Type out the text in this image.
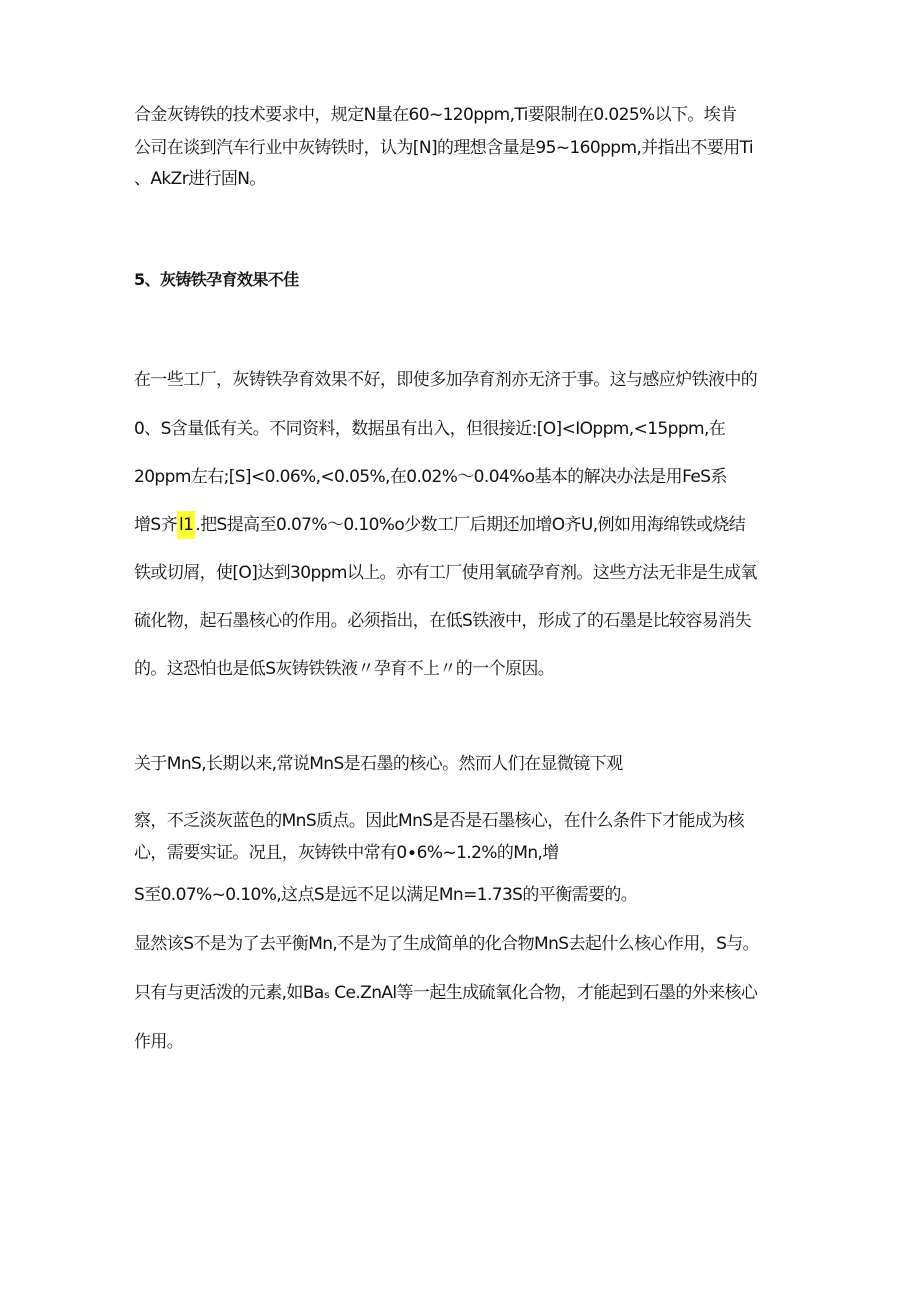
合金灰铸铁的技术要求中，规定N量在60~120ppm,Ti要限制在0.025%以下。埃肯
公司在谈到汽车行业中灰铸铁时，认为[N]的理想含量是95~160ppm,并指出不要用Ti
、AkZr进行固N。
5、灰铸铁孕育效果不佳
在一些工厂，灰铸铁孕育效果不好，即使多加孕育剂亦无济于事。这与感应炉铁液中的
0、S含量低有关。不同资料，数据虽有出入，但很接近:[O]<IOppm,<15ppm,在
20ppm左右;[S]<0.06%,<0.05%,在0.02%～0.04%o基本的解决办法是用FeS系
增S齐 l1 .把S提高至0.07%～0.10%o少数工厂后期还加增O齐U,例如用海绵铁或烧结
铁或切屑，使[O]达到30ppm以上。亦有工厂使用氧硫孕育剂。这些方法无非是生成氧
硫化物，起石墨核心的作用。必须指出，在低S铁液中，形成了的石墨是比较容易消失
的。这恐怕也是低S灰铸铁铁液〃孕育不上〃的一个原因。
关于MnS,长期以来,常说MnS是石墨的核心。然而人们在显微镜下观
察，不乏淡灰蓝色的MnS质点。因此MnS是否是石墨核心，在什么条件下才能成为核
心，需要实证。况且，灰铸铁中常有0∙6%~1.2%的Mn,增
S至0.07%~0.10%,这点S是远不足以满足Mn=1.73S的平衡需要的。
显然该S不是为了去平衡Mn,不是为了生成简单的化合物MnS去起什么核心作用，S与。
只有与更活泼的元素,如Baₛ Ce.ZnAl等一起生成硫氧化合物，才能起到石墨的外来核心
作用。
